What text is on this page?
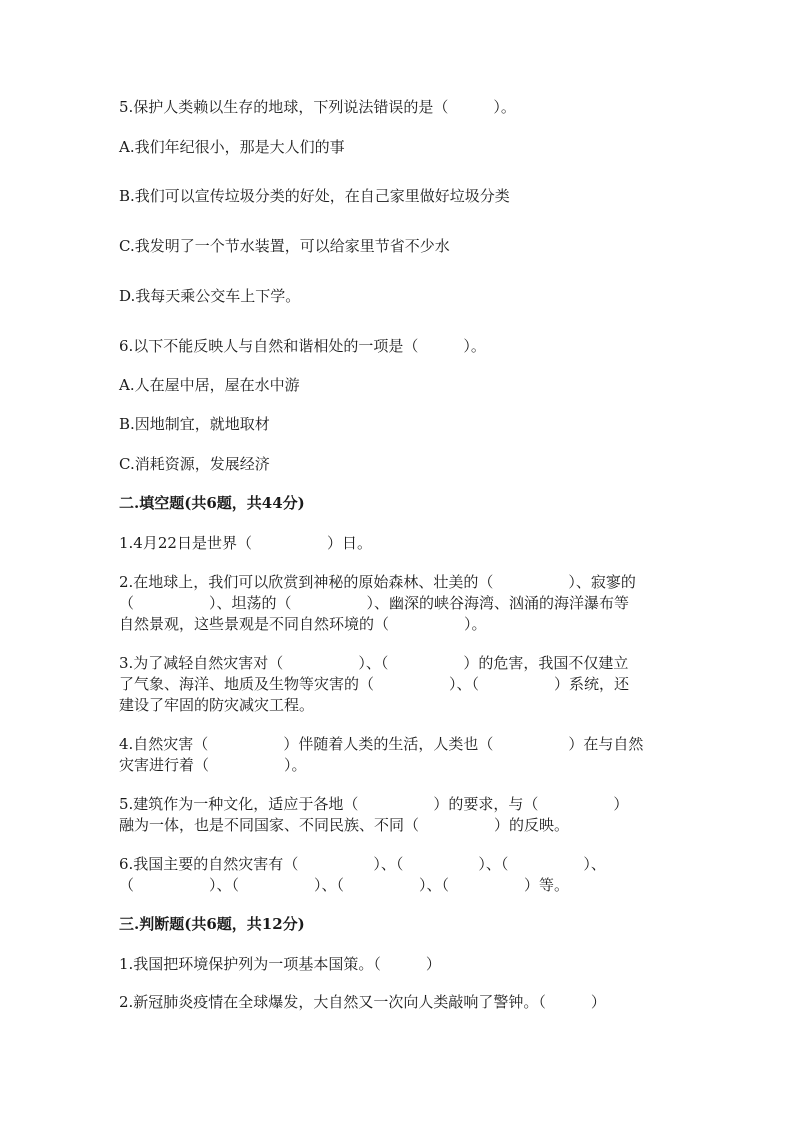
5.保护人类赖以生存的地球，下列说法错误的是（　　　）。
A.我们年纪很小，那是大人们的事
B.我们可以宣传垃圾分类的好处，在自己家里做好垃圾分类
C.我发明了一个节水装置，可以给家里节省不少水
D.我每天乘公交车上下学。
6.以下不能反映人与自然和谐相处的一项是（　　　）。
A.人在屋中居，屋在水中游
B.因地制宜，就地取材
C.消耗资源，发展经济
二.填空题(共6题，共44分)
1.4月22日是世界（　　　　　）日。
2.在地球上，我们可以欣赏到神秘的原始森林、壮美的（　　　　　）、寂寥的
（　　　　　）、坦荡的（　　　　　）、幽深的峡谷海湾、汹涌的海洋瀑布等
自然景观，这些景观是不同自然环境的（　　　　　）。
3.为了减轻自然灾害对（　　　　　）、（　　　　　）的危害，我国不仅建立
了气象、海洋、地质及生物等灾害的（　　　　　）、（　　　　　）系统，还
建设了牢固的防灾减灾工程。
4.自然灾害（　　　　　）伴随着人类的生活，人类也（　　　　　）在与自然
灾害进行着（　　　　　）。
5.建筑作为一种文化，适应于各地（　　　　　）的要求，与（　　　　　）
融为一体，也是不同国家、不同民族、不同（　　　　　）的反映。
6.我国主要的自然灾害有（　　　　　）、（　　　　　）、（　　　　　）、
（　　　　　）、（　　　　　）、（　　　　　）、（　　　　　）等。
三.判断题(共6题，共12分)
1.我国把环境保护列为一项基本国策。（　　　）
2.新冠肺炎疫情在全球爆发，大自然又一次向人类敲响了警钟。（　　　）
